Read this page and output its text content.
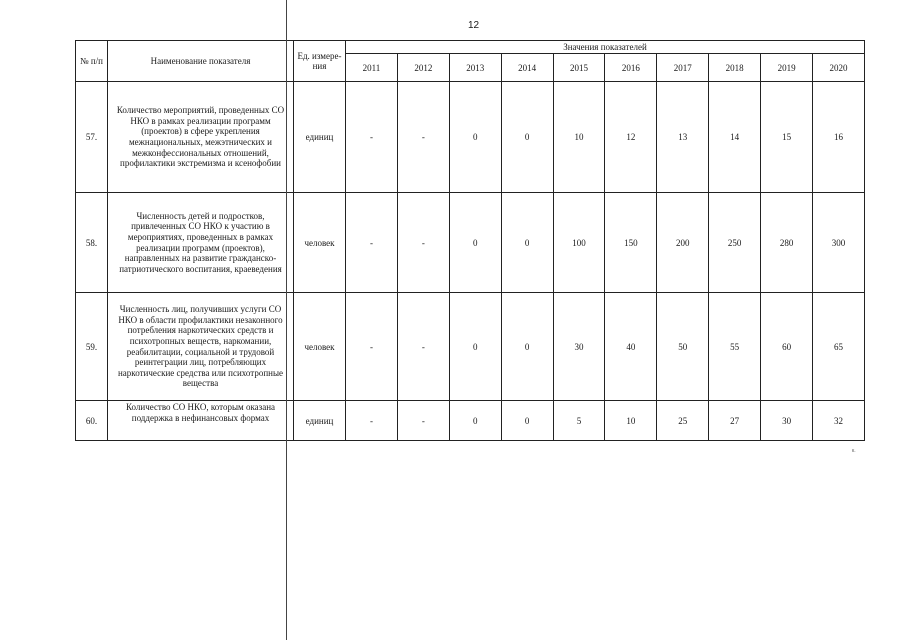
12
№ п/п	Наименование показателя	Ед. измере-ния	Значения показателей									
			2011	2012	2013	2014	2015	2016	2017	2018	2019	2020
57.	Количество мероприятий, проведенных СО НКО в рамках реализации программ (проектов) в сфере укрепления межнациональных, межэтнических и межконфессиональных отношений, профилактики экстремизма и ксенофобии	единиц	-	-	0	0	10	12	13	14	15	16
58.	Численность детей и подростков, привлеченных СО НКО к участию в мероприятиях, проведенных в рамках реализации программ (проектов), направленных на развитие гражданско-патриотического воспитания, краеведения	человек	-	-	0	0	100	150	200	250	280	300
59.	Численность лиц, получивших услуги СО НКО в области профилактики незаконного потребления наркотических средств и психотропных веществ, наркомании, реабилитации, социальной и трудовой реинтеграции лиц, потребляющих наркотические средства или психотропные вещества	человек	-	-	0	0	30	40	50	55	60	65
60.	Количество СО НКО, которым оказана поддержка в нефинансовых формах	единиц	-	-	0	0	5	10	25	27	30	32
к.
